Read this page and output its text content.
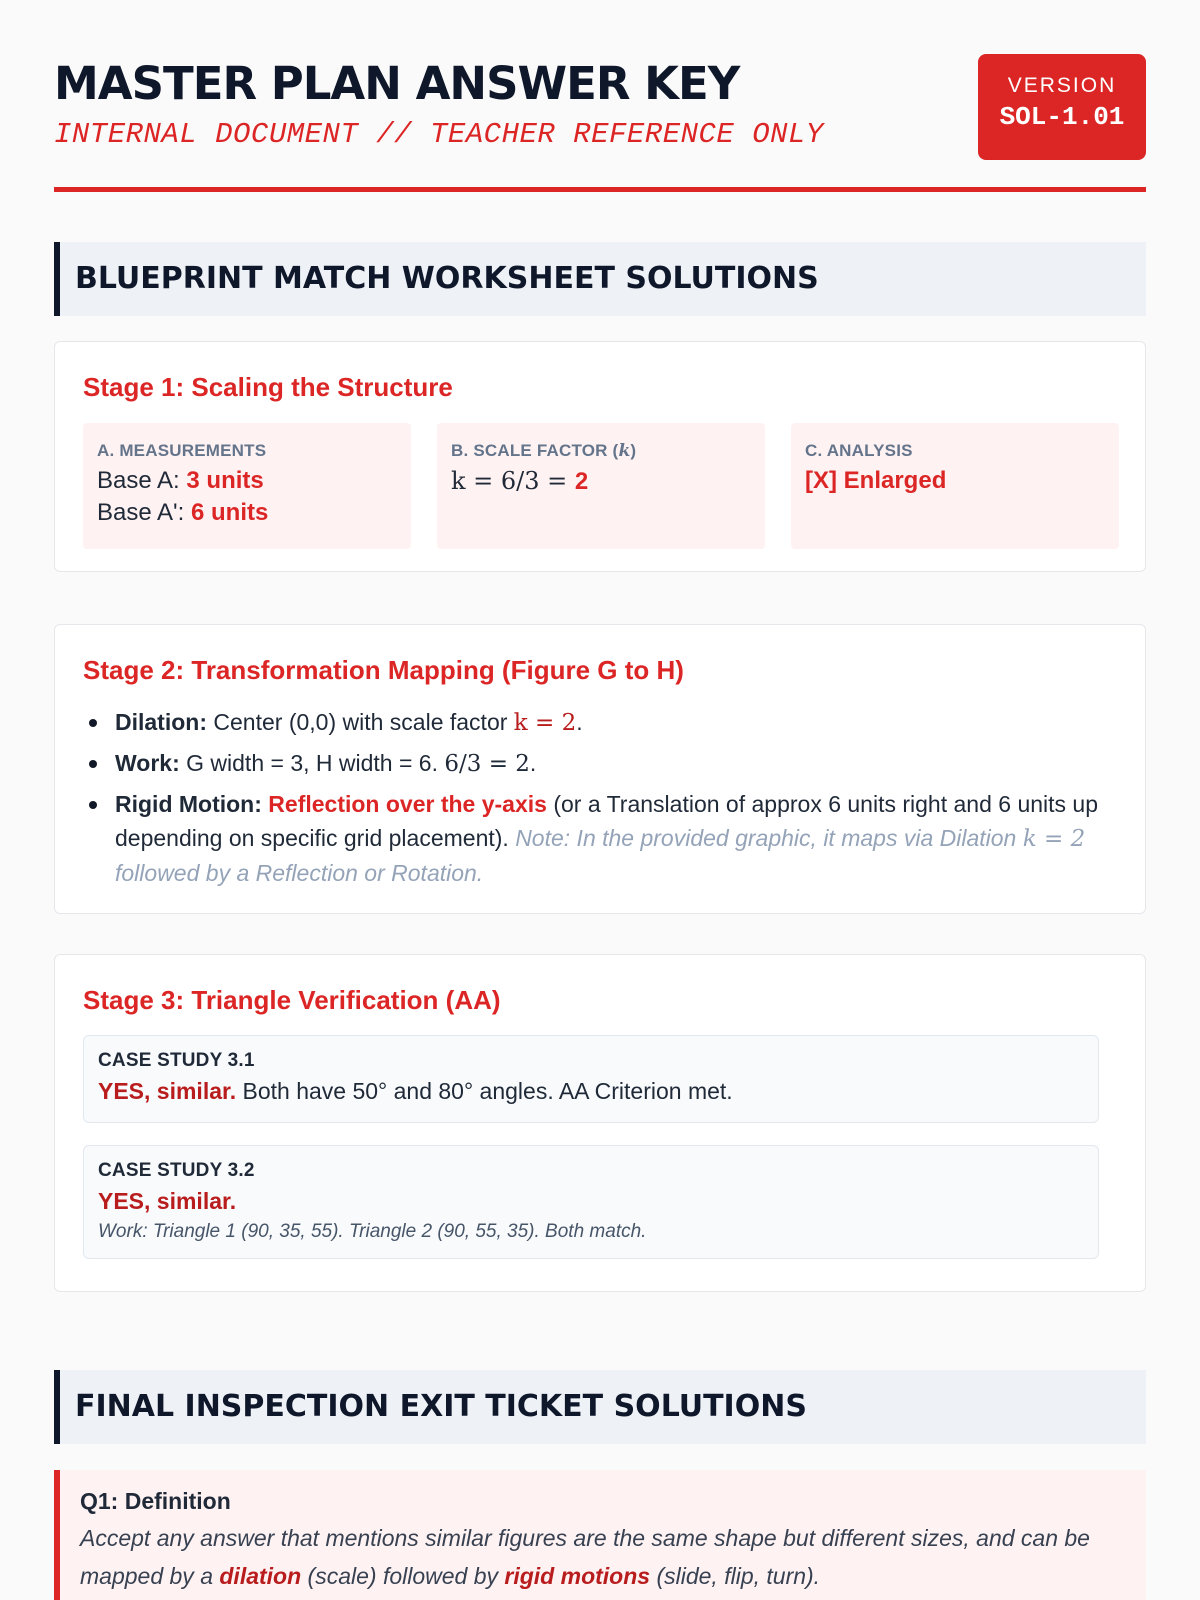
MASTER PLAN ANSWER KEY
INTERNAL DOCUMENT // TEACHER REFERENCE ONLY
VERSION
SOL-1.01
BLUEPRINT MATCH WORKSHEET SOLUTIONS
Stage 1: Scaling the Structure
A. MEASUREMENTS
Base A: 3 units
Base A': 6 units
B. SCALE FACTOR (k)
k = 6/3 = 2
C. ANALYSIS
[X] Enlarged
Stage 2: Transformation Mapping (Figure G to H)
Dilation: Center (0,0) with scale factor k = 2.
Work: G width = 3, H width = 6. 6/3 = 2.
Rigid Motion: Reflection over the y-axis (or a Translation of approx 6 units right and 6 units up depending on specific grid placement). Note: In the provided graphic, it maps via Dilation k = 2 followed by a Reflection or Rotation.
Stage 3: Triangle Verification (AA)
CASE STUDY 3.1
YES, similar. Both have 50° and 80° angles. AA Criterion met.
CASE STUDY 3.2
YES, similar.
Work: Triangle 1 (90, 35, 55). Triangle 2 (90, 55, 35). Both match.
FINAL INSPECTION EXIT TICKET SOLUTIONS
Q1: Definition
Accept any answer that mentions similar figures are the same shape but different sizes, and can be mapped by a dilation (scale) followed by rigid motions (slide, flip, turn).
